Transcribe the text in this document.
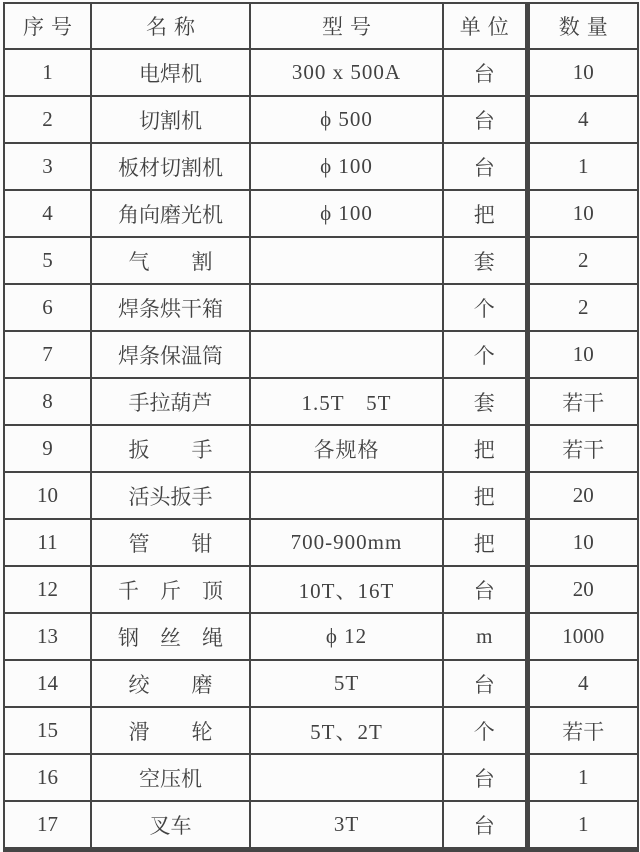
序号	名称	型号	单位	数量
1	电焊机	300 x 500A	台	10
2	切割机	ϕ 500	台	4
3	板材切割机	ϕ 100	台	1
4	角向磨光机	ϕ 100	把	10
5	气　　割		套	2
6	焊条烘干箱		个	2
7	焊条保温筒		个	10
8	手拉葫芦	1.5T　5T	套	若干
9	扳　　手	各规格	把	若干
10	活头扳手		把	20
11	管　　钳	700-900mm	把	10
12	千　斤　顶	10T、16T	台	20
13	钢　丝　绳	ϕ 12	m	1000
14	绞　　磨	5T	台	4
15	滑　　轮	5T、2T	个	若干
16	空压机		台	1
17	叉车	3T	台	1
